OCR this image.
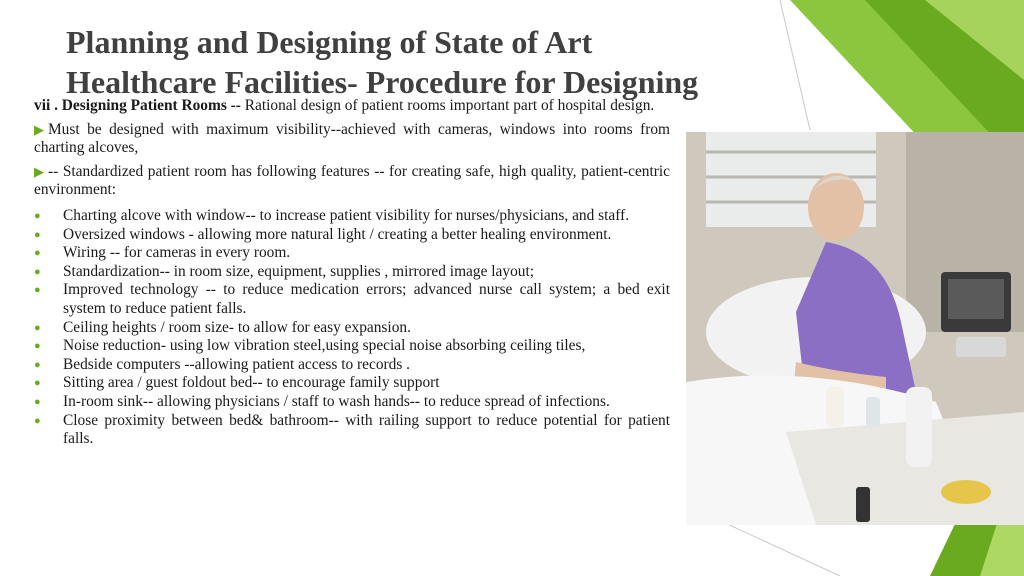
Planning and Designing of State of Art
Healthcare Facilities- Procedure for Designing

vii . Designing Patient Rooms -- Rational design of patient rooms important part of hospital design.

▶ Must be designed with maximum visibility--achieved with cameras, windows into rooms from charting alcoves,

▶ -- Standardized patient room has following features -- for creating safe, high quality, patient-centric environment:

● Charting alcove with window-- to increase patient visibility for nurses/physicians, and staff.
● Oversized windows - allowing more natural light / creating a better healing environment.
● Wiring -- for cameras in every room.
● Standardization-- in room size, equipment, supplies , mirrored image layout;
● Improved technology -- to reduce medication errors; advanced nurse call system; a bed exit system to reduce patient falls.
● Ceiling heights / room size- to allow for easy expansion.
● Noise reduction- using low vibration steel,using special noise absorbing ceiling tiles,
● Bedside computers --allowing patient access to records .
● Sitting area / guest foldout bed-- to encourage family support
● In-room sink-- allowing physicians / staff to wash hands-- to reduce spread of infections.
● Close proximity between bed& bathroom-- with railing support to reduce potential for patient falls.
